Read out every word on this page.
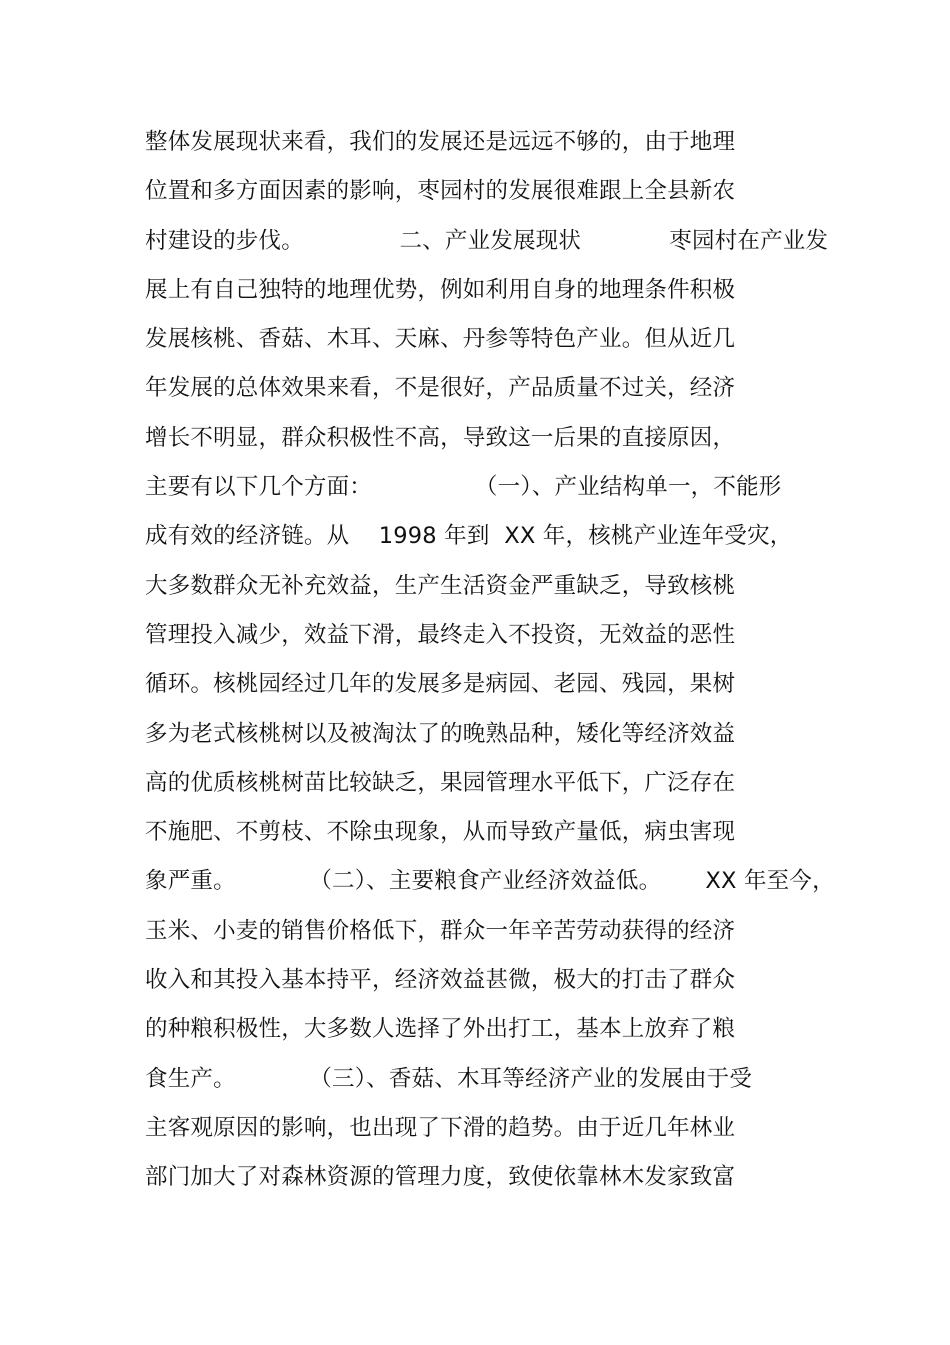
整体发展现状来看，我们的发展还是远远不够的，由于地理
位置和多方面因素的影响，枣园村的发展很难跟上全县新农
村建设的步伐。             二、产业发展现状            枣园村在产业发
展上有自己独特的地理优势，例如利用自身的地理条件积极
发展核桃、香菇、木耳、天麻、丹参等特色产业。但从近几
年发展的总体效果来看，不是很好，产品质量不过关，经济
增长不明显，群众积极性不高，导致这一后果的直接原因，
主要有以下几个方面：              （一）、产业结构单一，不能形
成有效的经济链。从    1998 年到  XX 年，核桃产业连年受灾，
大多数群众无补充效益，生产生活资金严重缺乏，导致核桃
管理投入减少，效益下滑，最终走入不投资，无效益的恶性
循环。核桃园经过几年的发展多是病园、老园、残园，果树
多为老式核桃树以及被淘汰了的晚熟品种，矮化等经济效益
高的优质核桃树苗比较缺乏，果园管理水平低下，广泛存在
不施肥、不剪枝、不除虫现象，从而导致产量低，病虫害现
象严重。          （二）、主要粮食产业经济效益低。      XX 年至今，
玉米、小麦的销售价格低下，群众一年辛苦劳动获得的经济
收入和其投入基本持平，经济效益甚微，极大的打击了群众
的种粮积极性，大多数人选择了外出打工，基本上放弃了粮
食生产。          （三）、香菇、木耳等经济产业的发展由于受
主客观原因的影响，也出现了下滑的趋势。由于近几年林业
部门加大了对森林资源的管理力度，致使依靠林木发家致富
